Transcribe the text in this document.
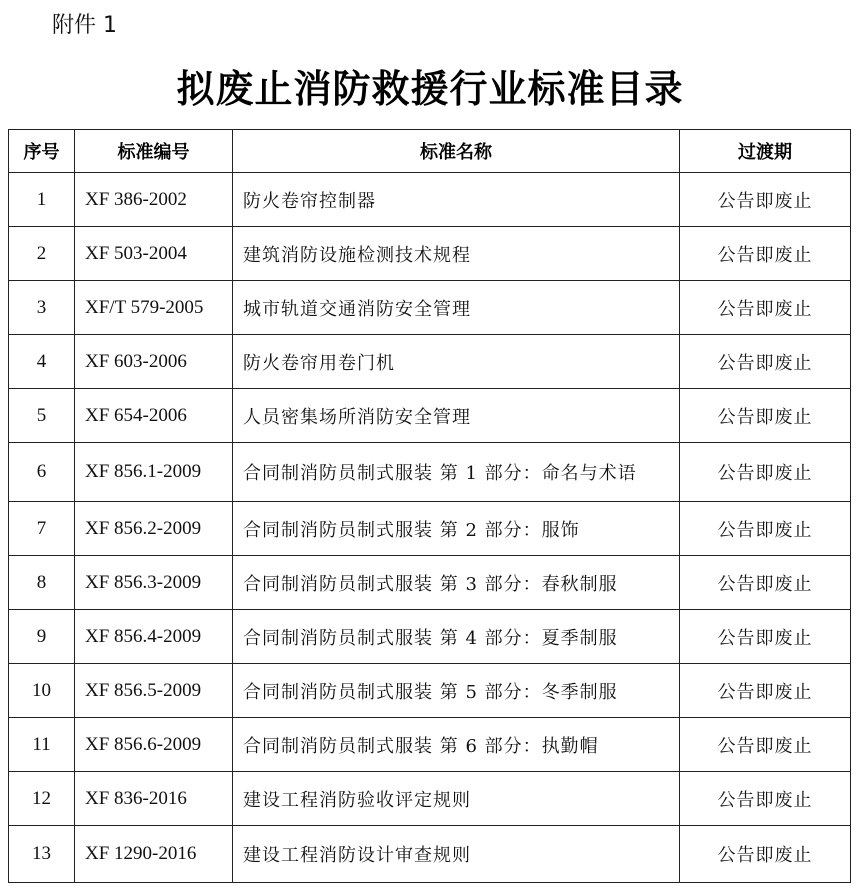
附件 1
拟废止消防救援行业标准目录
序号	标准编号	标准名称	过渡期
1	XF 386-2002	防火卷帘控制器	公告即废止
2	XF 503-2004	建筑消防设施检测技术规程	公告即废止
3	XF/T 579-2005	城市轨道交通消防安全管理	公告即废止
4	XF 603-2006	防火卷帘用卷门机	公告即废止
5	XF 654-2006	人员密集场所消防安全管理	公告即废止
6	XF 856.1-2009	合同制消防员制式服装 第 1 部分：命名与术语	公告即废止
7	XF 856.2-2009	合同制消防员制式服装 第 2 部分：服饰	公告即废止
8	XF 856.3-2009	合同制消防员制式服装 第 3 部分：春秋制服	公告即废止
9	XF 856.4-2009	合同制消防员制式服装 第 4 部分：夏季制服	公告即废止
10	XF 856.5-2009	合同制消防员制式服装 第 5 部分：冬季制服	公告即废止
11	XF 856.6-2009	合同制消防员制式服装 第 6 部分：执勤帽	公告即废止
12	XF 836-2016	建设工程消防验收评定规则	公告即废止
13	XF 1290-2016	建设工程消防设计审查规则	公告即废止
